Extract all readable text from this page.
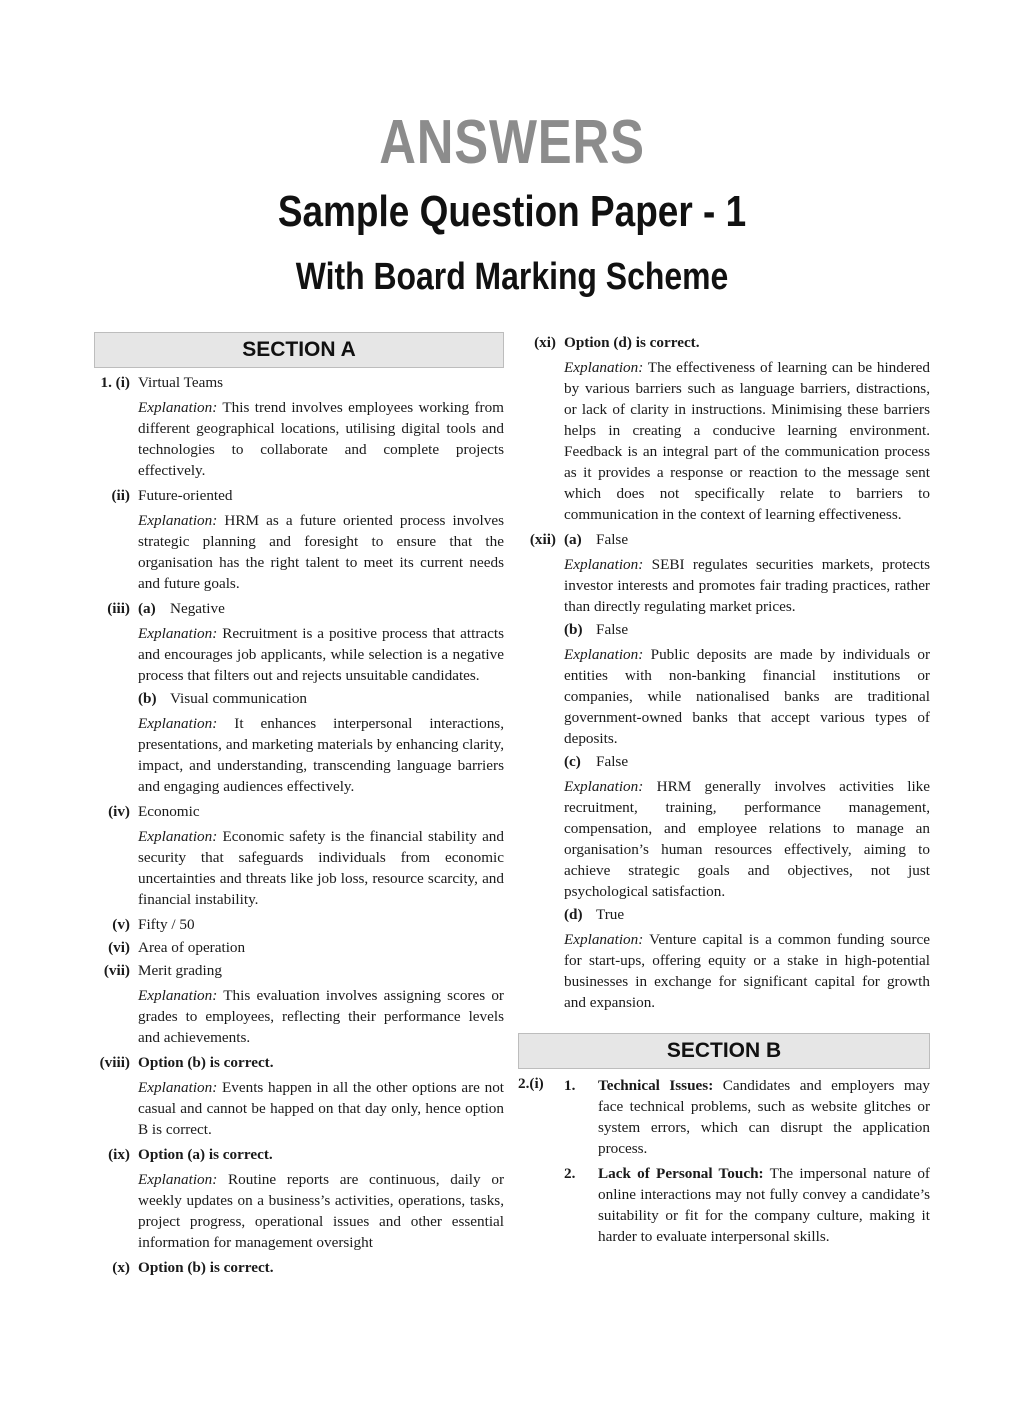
ANSWERS
Sample Question Paper - 1
With Board Marking Scheme
SECTION A
1. (i) Virtual Teams
Explanation: This trend involves employees working from different geographical locations, utilising digital tools and technologies to collaborate and complete projects effectively.
(ii) Future-oriented
Explanation: HRM as a future oriented process involves strategic planning and foresight to ensure that the organisation has the right talent to meet its current needs and future goals.
(iii) (a) Negative
Explanation: Recruitment is a positive process that attracts and encourages job applicants, while selection is a negative process that filters out and rejects unsuitable candidates.
(b) Visual communication
Explanation: It enhances interpersonal interactions, presentations, and marketing materials by enhancing clarity, impact, and understanding, transcending language barriers and engaging audiences effectively.
(iv) Economic
Explanation: Economic safety is the financial stability and security that safeguards individuals from economic uncertainties and threats like job loss, resource scarcity, and financial instability.
(v) Fifty / 50
(vi) Area of operation
(vii) Merit grading
Explanation: This evaluation involves assigning scores or grades to employees, reflecting their performance levels and achievements.
(viii) Option (b) is correct.
Explanation: Events happen in all the other options are not casual and cannot be happed on that day only, hence option B is correct.
(ix) Option (a) is correct.
Explanation: Routine reports are continuous, daily or weekly updates on a business’s activities, operations, tasks, project progress, operational issues and other essential information for management oversight
(x) Option (b) is correct.
(xi) Option (d) is correct.
Explanation: The effectiveness of learning can be hindered by various barriers such as language barriers, distractions, or lack of clarity in instructions. Minimising these barriers helps in creating a conducive learning environment. Feedback is an integral part of the communication process as it provides a response or reaction to the message sent which does not specifically relate to barriers to communication in the context of learning effectiveness.
(xii) (a) False
Explanation: SEBI regulates securities markets, protects investor interests and promotes fair trading practices, rather than directly regulating market prices.
(b) False
Explanation: Public deposits are made by individuals or entities with non-banking financial institutions or companies, while nationalised banks are traditional government-owned banks that accept various types of deposits.
(c) False
Explanation: HRM generally involves activities like recruitment, training, performance management, compensation, and employee relations to manage an organisation’s human resources effectively, aiming to achieve strategic goals and objectives, not just psychological satisfaction.
(d) True
Explanation: Venture capital is a common funding source for start-ups, offering equity or a stake in high-potential businesses in exchange for significant capital for growth and expansion.
SECTION B
2.(i)	1.	Technical Issues: Candidates and employers may face technical problems, such as website glitches or system errors, which can disrupt the application process.
2.	Lack of Personal Touch: The impersonal nature of online interactions may not fully convey a candidate’s suitability or fit for the company culture, making it harder to evaluate interpersonal skills.
